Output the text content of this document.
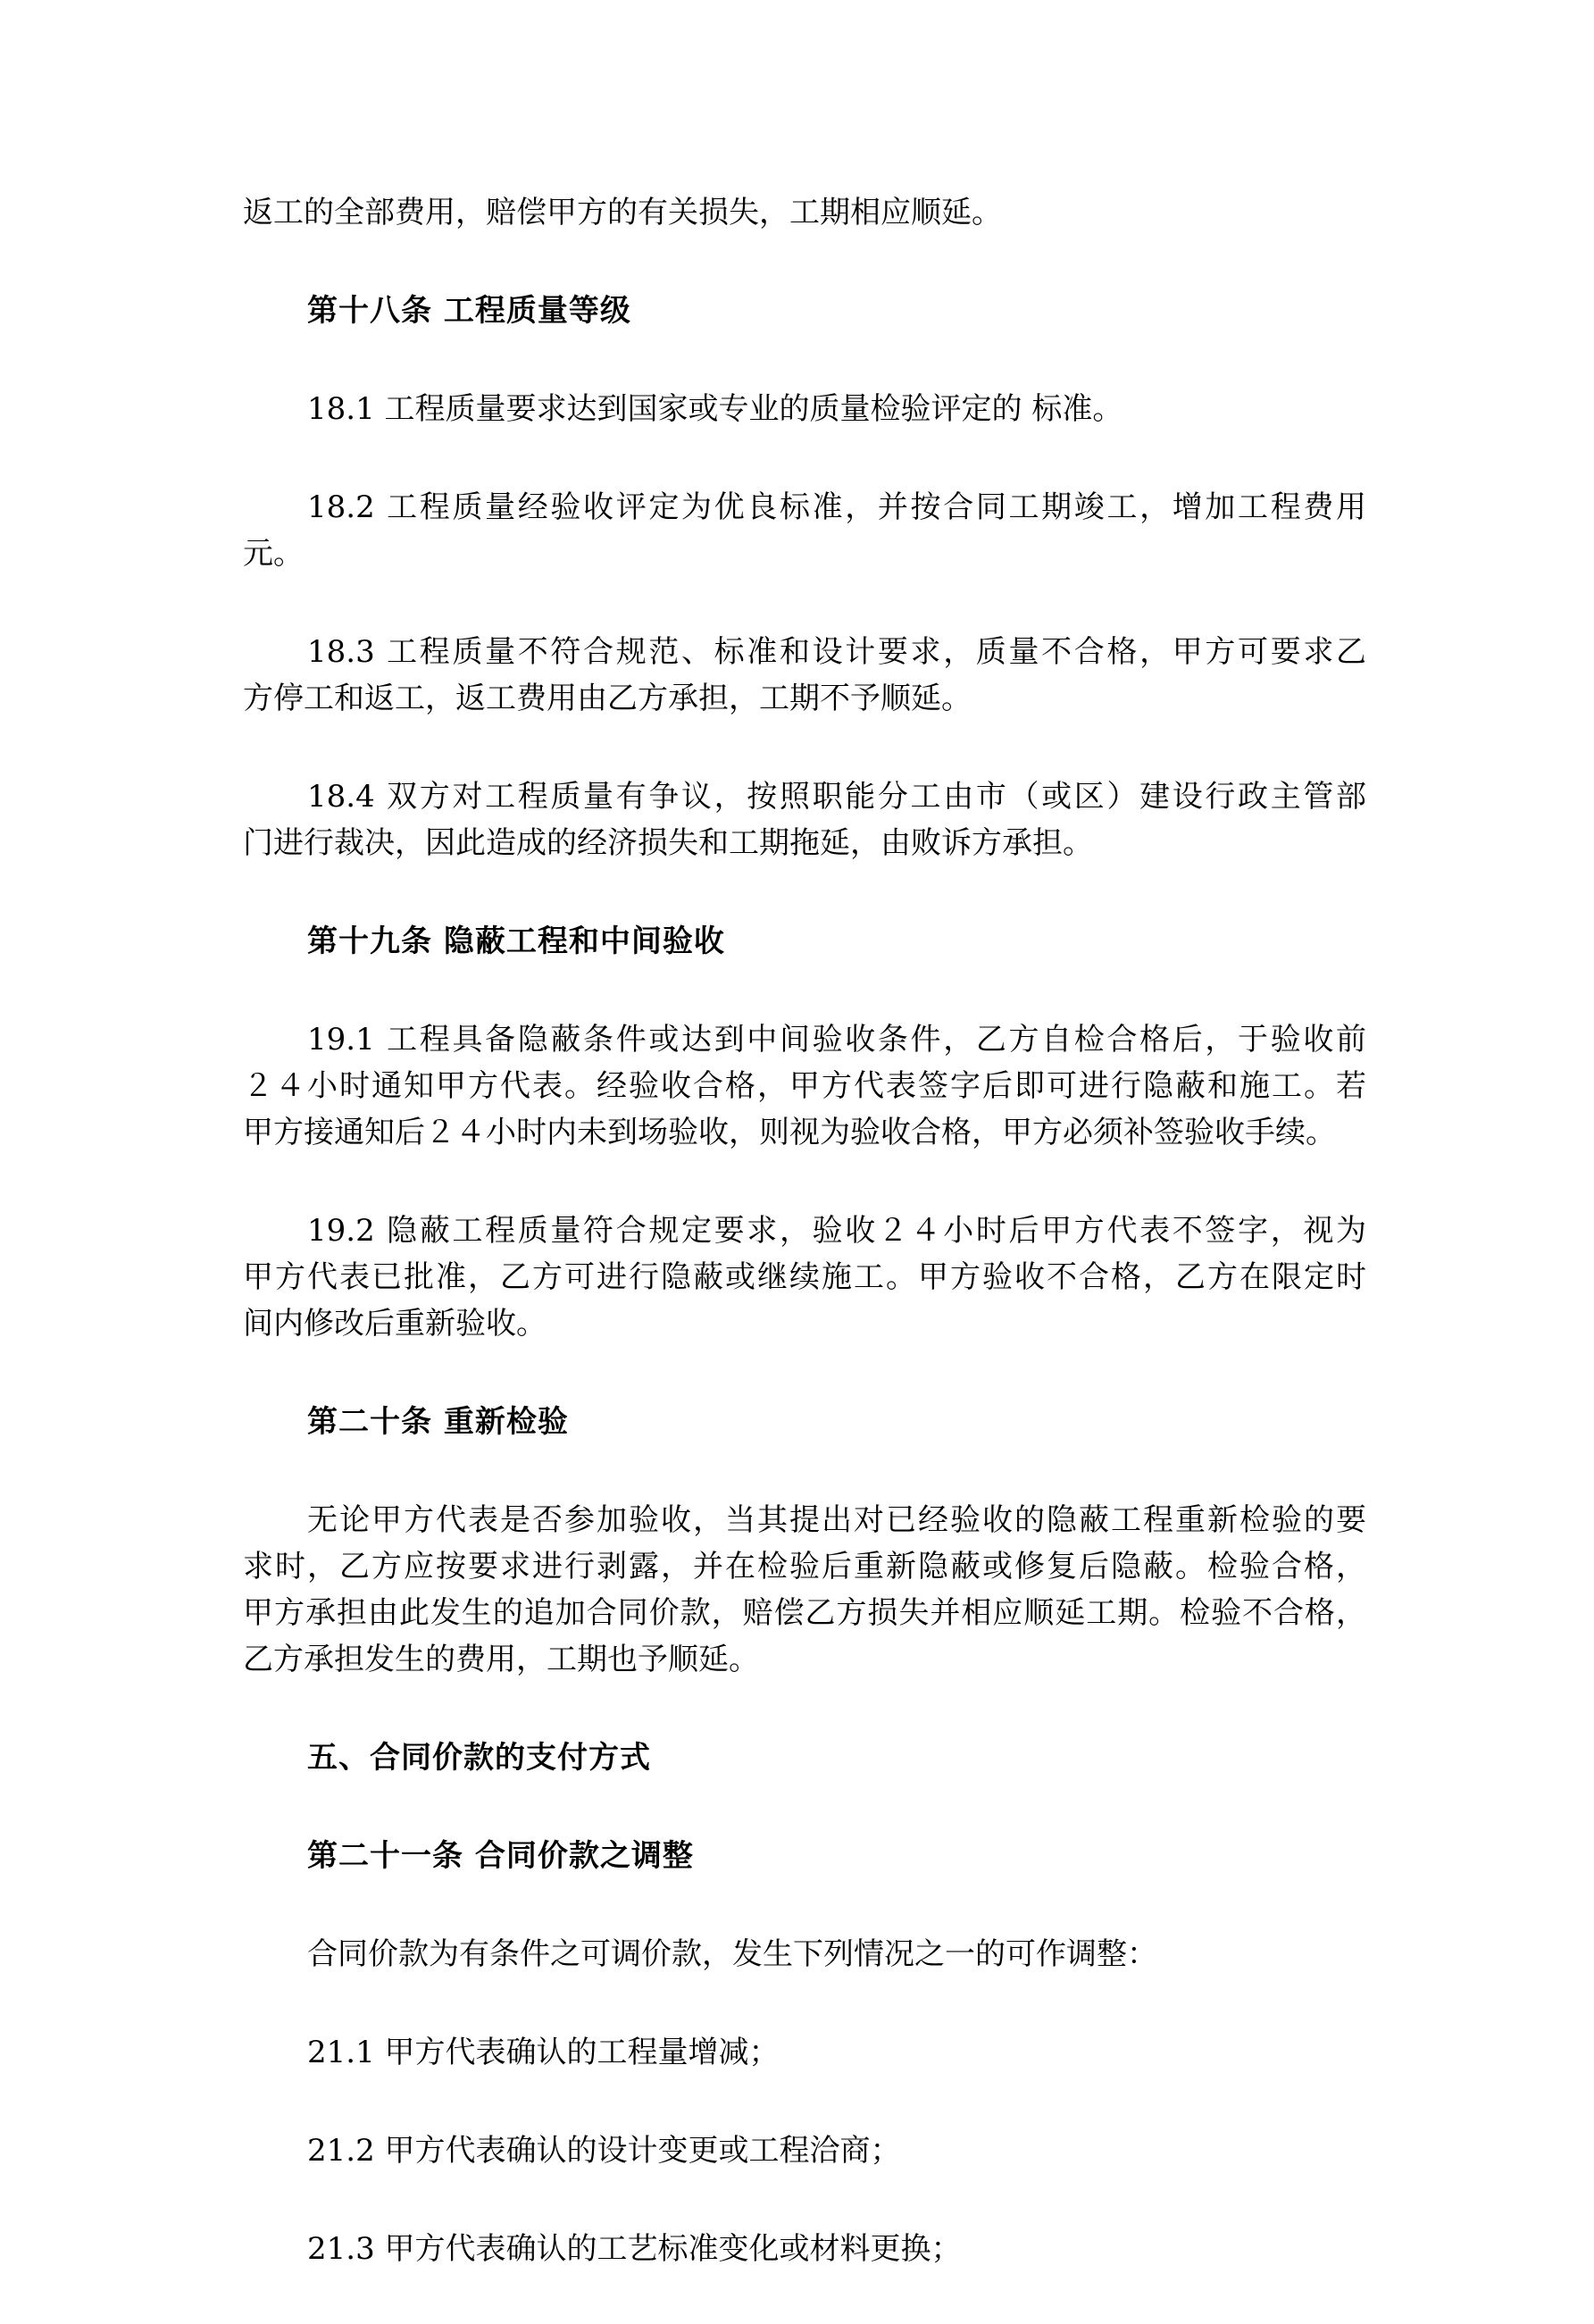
返工的全部费用，赔偿甲方的有关损失，工期相应顺延。
第十八条 工程质量等级
18.1 工程质量要求达到国家或专业的质量检验评定的 标准。
18.2 工程质量经验收评定为优良标准，并按合同工期竣工，增加工程费用
元。
18.3 工程质量不符合规范、标准和设计要求，质量不合格，甲方可要求乙
方停工和返工，返工费用由乙方承担，工期不予顺延。
18.4 双方对工程质量有争议，按照职能分工由市（或区）建设行政主管部
门进行裁决，因此造成的经济损失和工期拖延，由败诉方承担。
第十九条 隐蔽工程和中间验收
19.1 工程具备隐蔽条件或达到中间验收条件，乙方自检合格后，于验收前
２４小时通知甲方代表。经验收合格，甲方代表签字后即可进行隐蔽和施工。若
甲方接通知后２４小时内未到场验收，则视为验收合格，甲方必须补签验收手续。
19.2 隐蔽工程质量符合规定要求，验收２４小时后甲方代表不签字，视为
甲方代表已批准，乙方可进行隐蔽或继续施工。甲方验收不合格，乙方在限定时
间内修改后重新验收。
第二十条 重新检验
无论甲方代表是否参加验收，当其提出对已经验收的隐蔽工程重新检验的要
求时，乙方应按要求进行剥露，并在检验后重新隐蔽或修复后隐蔽。检验合格，
甲方承担由此发生的追加合同价款，赔偿乙方损失并相应顺延工期。检验不合格，
乙方承担发生的费用，工期也予顺延。
五、合同价款的支付方式
第二十一条 合同价款之调整
合同价款为有条件之可调价款，发生下列情况之一的可作调整：
21.1 甲方代表确认的工程量增减；
21.2 甲方代表确认的设计变更或工程洽商；
21.3 甲方代表确认的工艺标准变化或材料更换；
